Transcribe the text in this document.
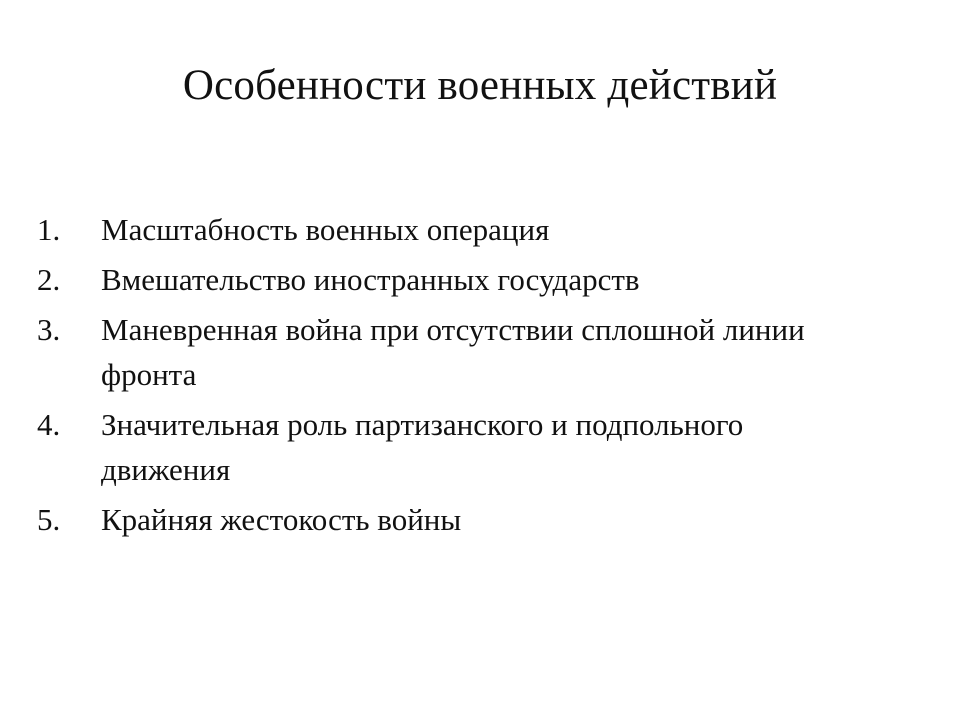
Особенности военных действий
1.	Масштабность военных операция
2.	Вмешательство иностранных государств
3.	Маневренная война при отсутствии сплошной линии фронта
4.	Значительная роль партизанского и подпольного движения
5.	Крайняя жестокость войны
